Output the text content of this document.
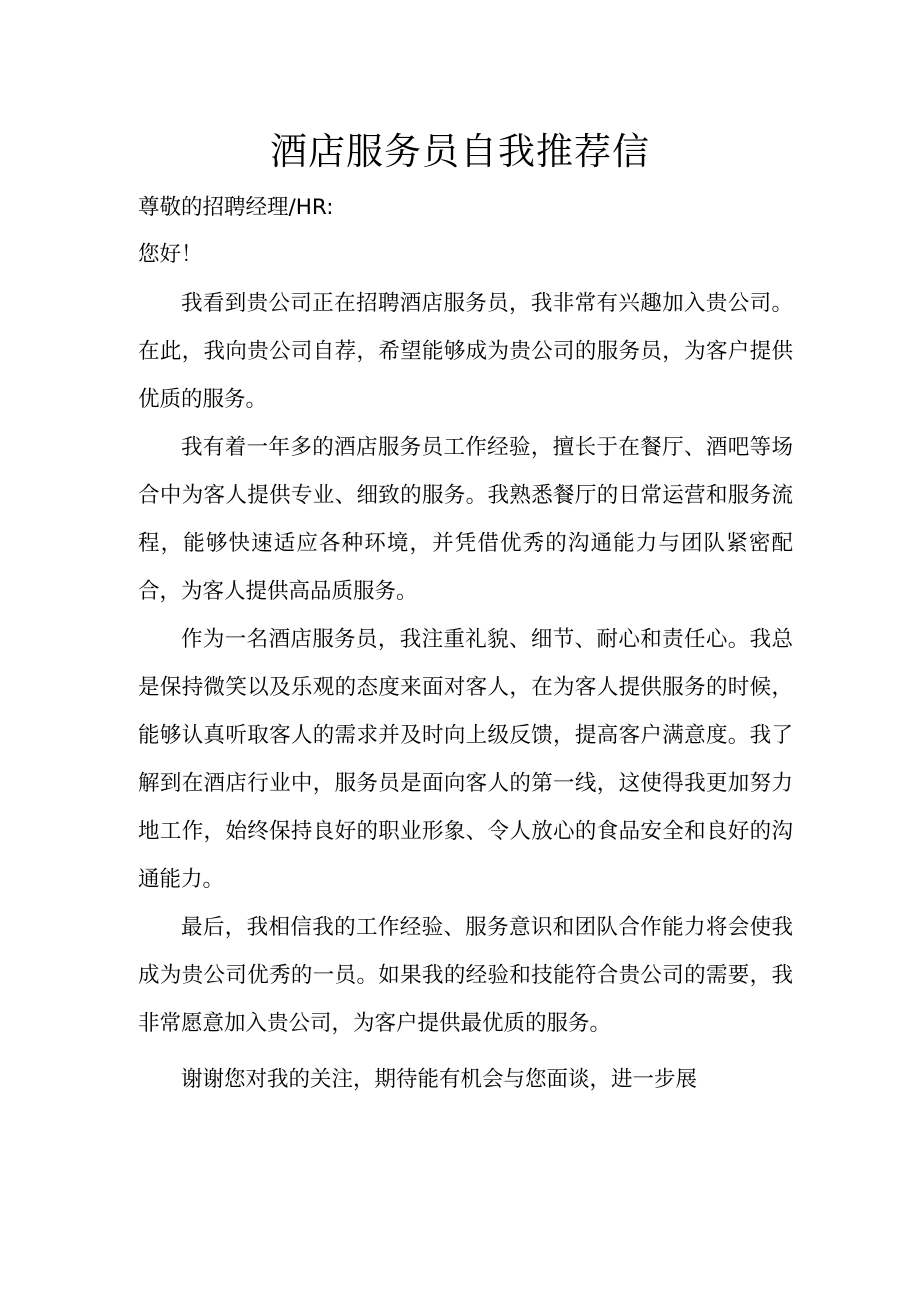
酒店服务员自我推荐信

尊敬的招聘经理/HR:

您好！

我看到贵公司正在招聘酒店服务员，我非常有兴趣加入贵公司。在此，我向贵公司自荐，希望能够成为贵公司的服务员，为客户提供优质的服务。

我有着一年多的酒店服务员工作经验，擅长于在餐厅、酒吧等场合中为客人提供专业、细致的服务。我熟悉餐厅的日常运营和服务流程，能够快速适应各种环境，并凭借优秀的沟通能力与团队紧密配合，为客人提供高品质服务。

作为一名酒店服务员，我注重礼貌、细节、耐心和责任心。我总是保持微笑以及乐观的态度来面对客人，在为客人提供服务的时候，能够认真听取客人的需求并及时向上级反馈，提高客户满意度。我了解到在酒店行业中，服务员是面向客人的第一线，这使得我更加努力地工作，始终保持良好的职业形象、令人放心的食品安全和良好的沟通能力。

最后，我相信我的工作经验、服务意识和团队合作能力将会使我成为贵公司优秀的一员。如果我的经验和技能符合贵公司的需要，我非常愿意加入贵公司，为客户提供最优质的服务。

谢谢您对我的关注，期待能有机会与您面谈，进一步展
